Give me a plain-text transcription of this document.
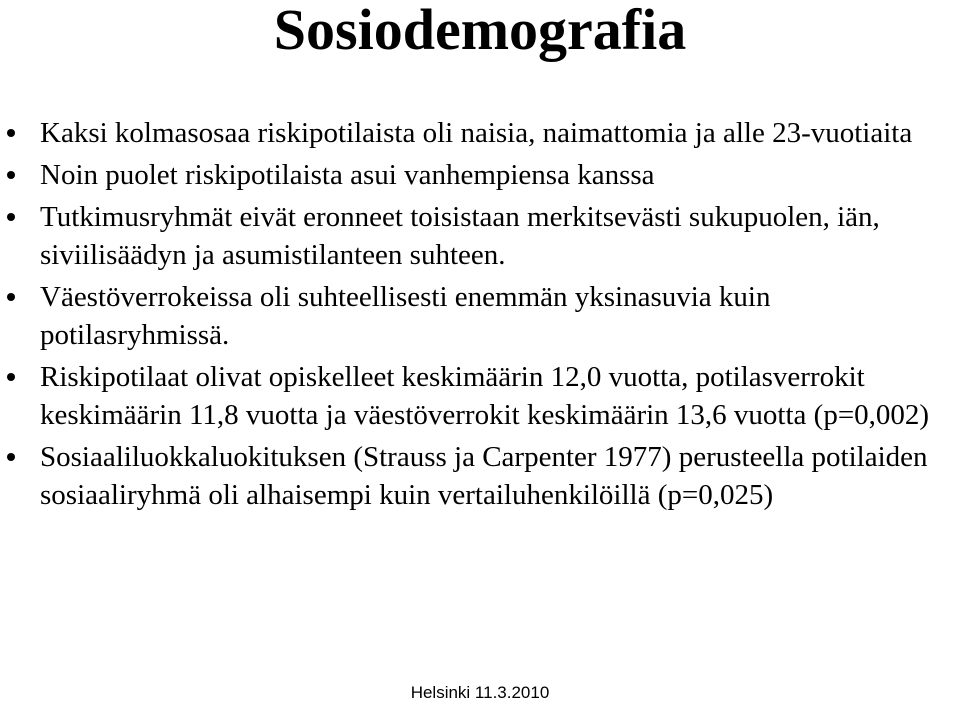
Sosiodemografia
Kaksi kolmasosaa riskipotilaista oli naisia, naimattomia ja alle 23-vuotiaita
Noin puolet riskipotilaista asui vanhempiensa kanssa
Tutkimusryhmät eivät eronneet toisistaan merkitsevästi sukupuolen, iän, siviilisäädyn ja asumistilanteen suhteen.
Väestöverrokeissa oli suhteellisesti enemmän yksinasuvia kuin potilasryhmissä.
Riskipotilaat olivat opiskelleet keskimäärin 12,0 vuotta, potilasverrokit keskimäärin 11,8 vuotta ja väestöverrokit keskimäärin 13,6 vuotta (p=0,002)
Sosiaaliluokkaluokituksen (Strauss ja Carpenter 1977) perusteella potilaiden sosiaaliryhmä oli alhaisempi kuin vertailuhenkilöillä (p=0,025)
Helsinki 11.3.2010
